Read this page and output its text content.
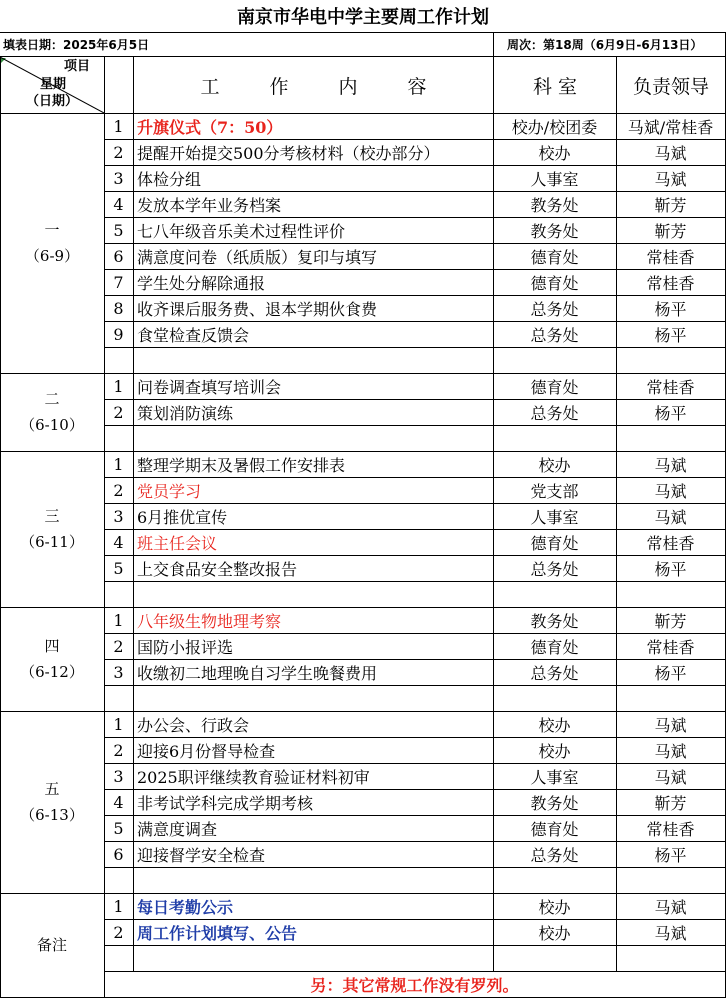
南京市华电中学主要周工作计划
填表日期：2025年6月5日	周次：第18周（6月9日-6月13日）
项目
星期
（日期）
工 作 内 容	科 室	负责领导
一
（6-9）
1 升旗仪式（7：50）	校办/校团委	马斌/常桂香
2 提醒开始提交500分考核材料（校办部分）	校办	马斌
3 体检分组	人事室	马斌
4 发放本学年业务档案	教务处	靳芳
5 七八年级音乐美术过程性评价	教务处	靳芳
6 满意度问卷（纸质版）复印与填写	德育处	常桂香
7 学生处分解除通报	德育处	常桂香
8 收齐课后服务费、退本学期伙食费	总务处	杨平
9 食堂检查反馈会	总务处	杨平
二
（6-10）
1 问卷调查填写培训会	德育处	常桂香
2 策划消防演练	总务处	杨平
三
（6-11）
1 整理学期末及暑假工作安排表	校办	马斌
2 党员学习	党支部	马斌
3 6月推优宣传	人事室	马斌
4 班主任会议	德育处	常桂香
5 上交食品安全整改报告	总务处	杨平
四
（6-12）
1 八年级生物地理考察	教务处	靳芳
2 国防小报评选	德育处	常桂香
3 收缴初二地理晚自习学生晚餐费用	总务处	杨平
五
（6-13）
1 办公会、行政会	校办	马斌
2 迎接6月份督导检查	校办	马斌
3 2025职评继续教育验证材料初审	人事室	马斌
4 非考试学科完成学期考核	教务处	靳芳
5 满意度调查	德育处	常桂香
6 迎接督学安全检查	总务处	杨平
备注
1 每日考勤公示	校办	马斌
2 周工作计划填写、公告	校办	马斌
另：其它常规工作没有罗列。
